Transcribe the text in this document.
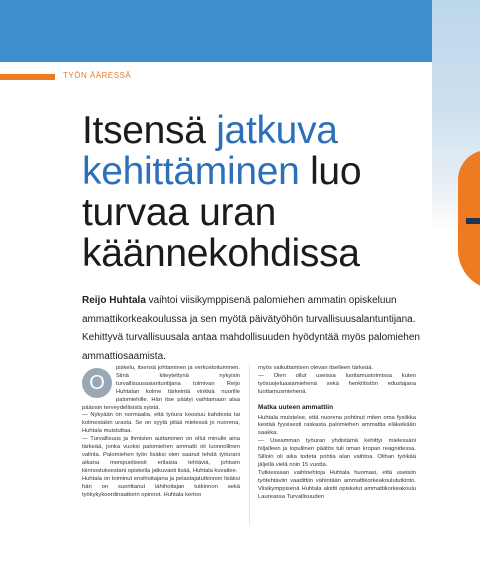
TYÖN ÄÄRESSÄ
Itsensä jatkuva kehittäminen luo turvaa uran käännekohdissa

Reijo Huhtala vaihtoi viisikymppisenä palomiehen ammatin opiskeluun ammattikorkeakoulussa ja sen myötä päivätyöhön turvallisuusalantuntijana. Kehittyvä turvallisuusala antaa mahdollisuuden hyödyntää myös palomiehen ammattiosaamista.

O

piskelu, itsensä johtaminen ja verkostoituminen. Siinä kiteytettynä nykyisin turvallisuusasiantuntijana toimivan Reijo Huhtalan kolme tärkeintä vinkkiä nuorille palomiehille. Hän itse päätyi vaihtamaan alaa pääosin terveydellisistä syistä.

— Nykyään on normaalia, että työura koostuu kahdesta tai kolmestakin urasta. Se on syytä pitää mielessä jo nuorena, Huhtala muistuttaa.

— Turvallisuus ja ihmisten auttaminen on ollut minulle aina tärkeää, jonka vuoksi palomiehen ammatti oli luonnollinen valinta. Palomiehen työn lisäksi olen saanut tehdä työurani aikana monipuolisesti erilaisia tehtäviä, johtuen kiinnostuksestani opiskella jatkuvasti lisää, Huhtala kuvailee.

Huhtala on toiminut ensihoitajana ja pelastajatutkinnon lisäksi hän on suorittanut lähihoitajan tutkinnon sekä työkykykoordinaattorin opinnot. Huhtala kertoo

myös vaikuttamisen olevan itselleen tärkeää.

— Olen ollut useissa luottamustoimissa kuten työsuojeluasiamiehenä sekä henkilöstön edustajana luottamusmiehenä.

Matka uuteen ammattiin

Huhtala muistelee, että nuorena pohtinut miten oma fysiikka kestää fyysisesti raskasta palomiehen ammattia eläkeikään saakka.

— Useamman työuran yhdistämä kehittyi mielessäni hiljalleen ja lopullinen päätös tuli oman kropan reagoidessa. Silloin oli aika todeta pohtia alan vaihtoa. Olihan työikää jäljellä vielä noin 15 vuotta.

Tutkiessaan vaihtoehtoja Huhtala huomasi, että useisiin työtehtäviin vaadittiin vähintään ammattikorkeakoulututkinto. Viisikymppisenä Huhtala aloitti opiskelut ammattikorkeakoulu Laureassa Turvallisuuden
